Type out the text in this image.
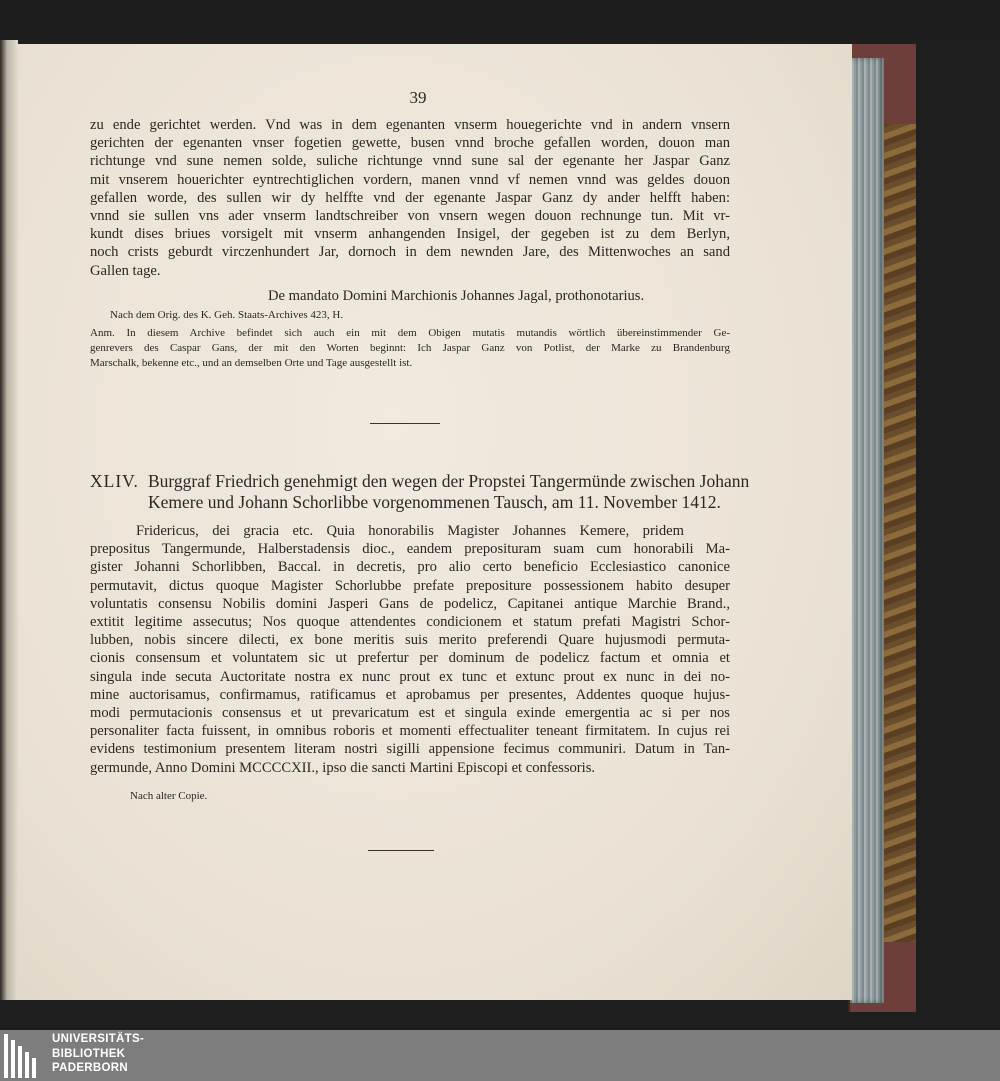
39
zu ende gerichtet werden. Vnd was in dem egenanten vnserm houegerichte vnd in andern vnsern
gerichten der egenanten vnser fogetien gewette, busen vnnd broche gefallen worden, douon man
richtunge vnd sune nemen solde, suliche richtunge vnnd sune sal der egenante her Jaspar Ganz
mit vnserem houerichter eyntrechtiglichen vordern, manen vnnd vf nemen vnnd was geldes douon
gefallen worde, des sullen wir dy helffte vnd der egenante Jaspar Ganz dy ander helfft haben:
vnnd sie sullen vns ader vnserm landtschreiber von vnsern wegen douon rechnunge tun. Mit vr-
kundt dises briues vorsigelt mit vnserm anhangenden Insigel, der gegeben ist zu dem Berlyn,
noch crists geburdt virczenhundert Jar, dornoch in dem newnden Jare, des Mittenwoches an sand
Gallen tage.
De mandato Domini Marchionis Johannes Jagal, prothonotarius.
Nach dem Orig. des K. Geh. Staats-Archives 423, H.
Anm. In diesem Archive befindet sich auch ein mit dem Obigen mutatis mutandis wörtlich übereinstimmender Ge-
genrevers des Caspar Gans, der mit den Worten beginnt: Ich Jaspar Ganz von Potlist, der Marke zu Brandenburg
Marschalk, bekenne etc., und an demselben Orte und Tage ausgestellt ist.
XLIV. Burggraf Friedrich genehmigt den wegen der Propstei Tangermünde zwischen Johann
Kemere und Johann Schorlibbe vorgenommenen Tausch, am 11. November 1412.
Fridericus, dei gracia etc. Quia honorabilis Magister Johannes Kemere, pridem
prepositus Tangermunde, Halberstadensis dioc., eandem preposituram suam cum honorabili Ma-
gister Johanni Schorlibben, Baccal. in decretis, pro alio certo beneficio Ecclesiastico canonice
permutavit, dictus quoque Magister Schorlubbe prefate prepositure possessionem habito desuper
voluntatis consensu Nobilis domini Jasperi Gans de podelicz, Capitanei antique Marchie Brand.,
extitit legitime assecutus; Nos quoque attendentes condicionem et statum prefati Magistri Schor-
lubben, nobis sincere dilecti, ex bone meritis suis merito preferendi Quare hujusmodi permuta-
cionis consensum et voluntatem sic ut prefertur per dominum de podelicz factum et omnia et
singula inde secuta Auctoritate nostra ex nunc prout ex tunc et extunc prout ex nunc in dei no-
mine auctorisamus, confirmamus, ratificamus et aprobamus per presentes, Addentes quoque hujus-
modi permutacionis consensus et ut prevaricatum est et singula exinde emergentia ac si per nos
personaliter facta fuissent, in omnibus roboris et momenti effectualiter teneant firmitatem. In cujus rei
evidens testimonium presentem literam nostri sigilli appensione fecimus communiri. Datum in Tan-
germunde, Anno Domini MCCCCXII., ipso die sancti Martini Episcopi et confessoris.
Nach alter Copie.
UNIVERSITÄTS-
BIBLIOTHEK
PADERBORN
